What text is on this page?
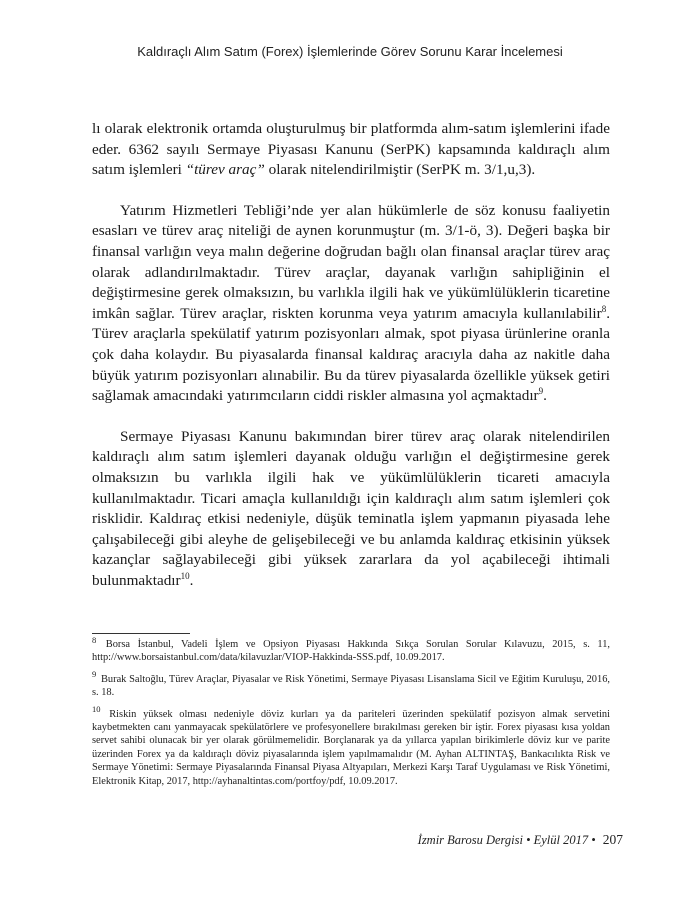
Kaldıraçlı Alım Satım (Forex) İşlemlerinde Görev Sorunu Karar İncelemesi

lı olarak elektronik ortamda oluşturulmuş bir platformda alım-satım işlemlerini ifade eder. 6362 sayılı Sermaye Piyasası Kanunu (SerPK) kapsamında kaldıraçlı alım satım işlemleri “türev araç” olarak nitelendirilmiştir (SerPK m. 3/1,u,3).

Yatırım Hizmetleri Tebliği’nde yer alan hükümlerle de söz konusu faaliyetin esasları ve türev araç niteliği de aynen korunmuştur (m. 3/1-ö, 3). Değeri başka bir finansal varlığın veya malın değerine doğrudan bağlı olan finansal araçlar türev araç olarak adlandırılmaktadır. Türev araçlar, dayanak varlığın sahipliğinin el değiştirmesine gerek olmaksızın, bu varlıkla ilgili hak ve yükümlülüklerin ticaretine imkân sağlar. Türev araçlar, riskten korunma veya yatırım amacıyla kullanılabilir$^8$. Türev araçlarla spekülatif yatırım pozisyonları almak, spot piyasa ürünlerine oranla çok daha kolaydır. Bu piyasalarda finansal kaldıraç aracıyla daha az nakitle daha büyük yatırım pozisyonları alınabilir. Bu da türev piyasalarda özellikle yüksek getiri sağlamak amacındaki yatırımcıların ciddi riskler almasına yol açmaktadır$^9$.

Sermaye Piyasası Kanunu bakımından birer türev araç olarak nitelendirilen kaldıraçlı alım satım işlemleri dayanak olduğu varlığın el değiştirmesine gerek olmaksızın bu varlıkla ilgili hak ve yükümlülüklerin ticareti amacıyla kullanılmaktadır. Ticari amaçla kullanıldığı için kaldıraçlı alım satım işlemleri çok risklidir. Kaldıraç etkisi nedeniyle, düşük teminatla işlem yapmanın piyasada lehe çalışabileceği gibi aleyhe de gelişebileceği ve bu anlamda kaldıraç etkisinin yüksek kazançlar sağlayabileceği gibi yüksek zararlara da yol açabileceği ihtimali bulunmaktadır$^{10}$.

$^8$ Borsa İstanbul, Vadeli İşlem ve Opsiyon Piyasası Hakkında Sıkça Sorulan Sorular Kılavuzu, 2015, s. 11, http://www.borsaistanbul.com/data/kilavuzlar/VIOP-Hakkinda-SSS.pdf, 10.09.2017.
$^9$ Burak Saltoğlu, Türev Araçlar, Piyasalar ve Risk Yönetimi, Sermaye Piyasası Lisanslama Sicil ve Eğitim Kuruluşu, 2016, s. 18.
$^{10}$ Riskin yüksek olması nedeniyle döviz kurları ya da pariteleri üzerinden spekülatif pozisyon almak servetini kaybetmekten canı yanmayacak spekülatörlere ve profesyonellere bırakılması gereken bir iştir. Forex piyasası kısa yoldan servet sahibi olunacak bir yer olarak görülmemelidir. Borçlanarak ya da yıllarca yapılan birikimlerle döviz kur ve parite üzerinden Forex ya da kaldıraçlı döviz piyasalarında işlem yapılmamalıdır (M. Ayhan ALTINTAŞ, Bankacılıkta Risk ve Sermaye Yönetimi: Sermaye Piyasalarında Finansal Piyasa Altyapıları, Merkezi Karşı Taraf Uygulaması ve Risk Yönetimi, Elektronik Kitap, 2017, http://ayhanaltintas.com/portfoy/pdf, 10.09.2017.
İzmir Barosu Dergisi • Eylül 2017 • 207
